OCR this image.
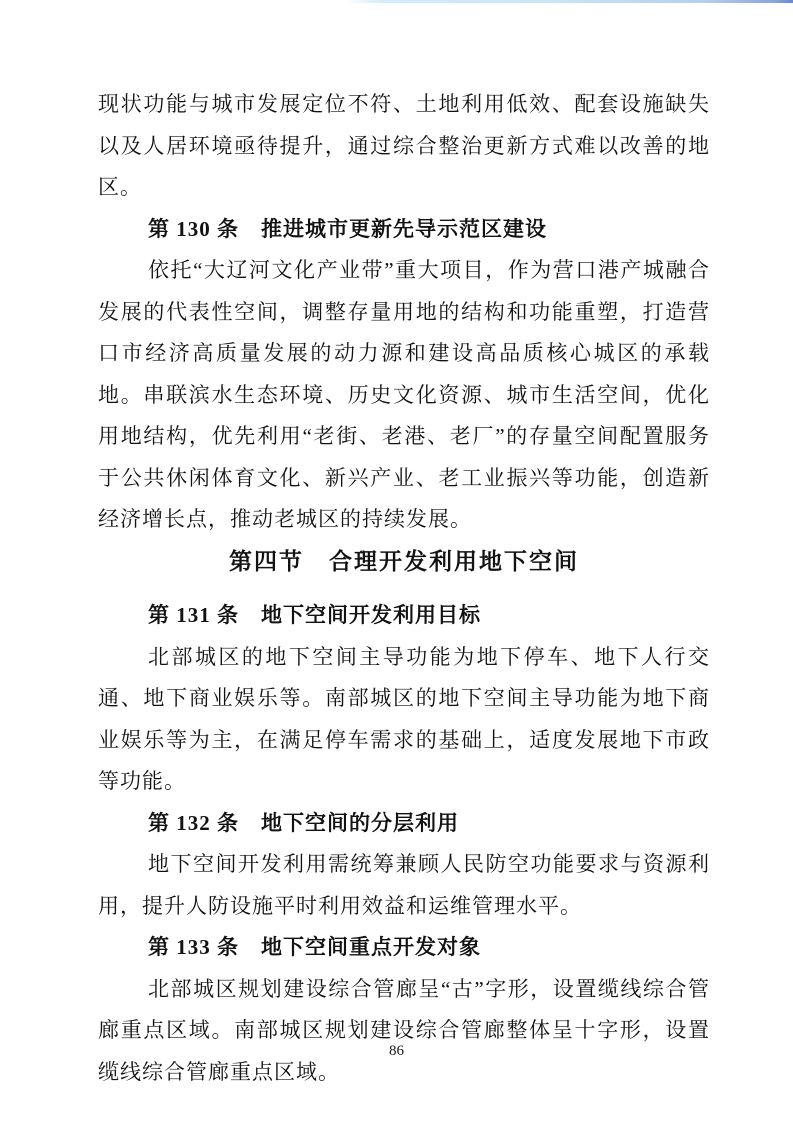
现状功能与城市发展定位不符、土地利用低效、配套设施缺失以及人居环境亟待提升，通过综合整治更新方式难以改善的地区。

第 130 条　推进城市更新先导示范区建设

依托“大辽河文化产业带”重大项目，作为营口港产城融合发展的代表性空间，调整存量用地的结构和功能重塑，打造营口市经济高质量发展的动力源和建设高品质核心城区的承载地。串联滨水生态环境、历史文化资源、城市生活空间，优化用地结构，优先利用“老街、老港、老厂”的存量空间配置服务于公共休闲体育文化、新兴产业、老工业振兴等功能，创造新经济增长点，推动老城区的持续发展。

第四节　合理开发利用地下空间
第 131 条　地下空间开发利用目标

北部城区的地下空间主导功能为地下停车、地下人行交通、地下商业娱乐等。南部城区的地下空间主导功能为地下商业娱乐等为主，在满足停车需求的基础上，适度发展地下市政等功能。

第 132 条　地下空间的分层利用

地下空间开发利用需统筹兼顾人民防空功能要求与资源利用，提升人防设施平时利用效益和运维管理水平。

第 133 条　地下空间重点开发对象

北部城区规划建设综合管廊呈“古”字形，设置缆线综合管廊重点区域。南部城区规划建设综合管廊整体呈十字形，设置缆线综合管廊重点区域。

86
